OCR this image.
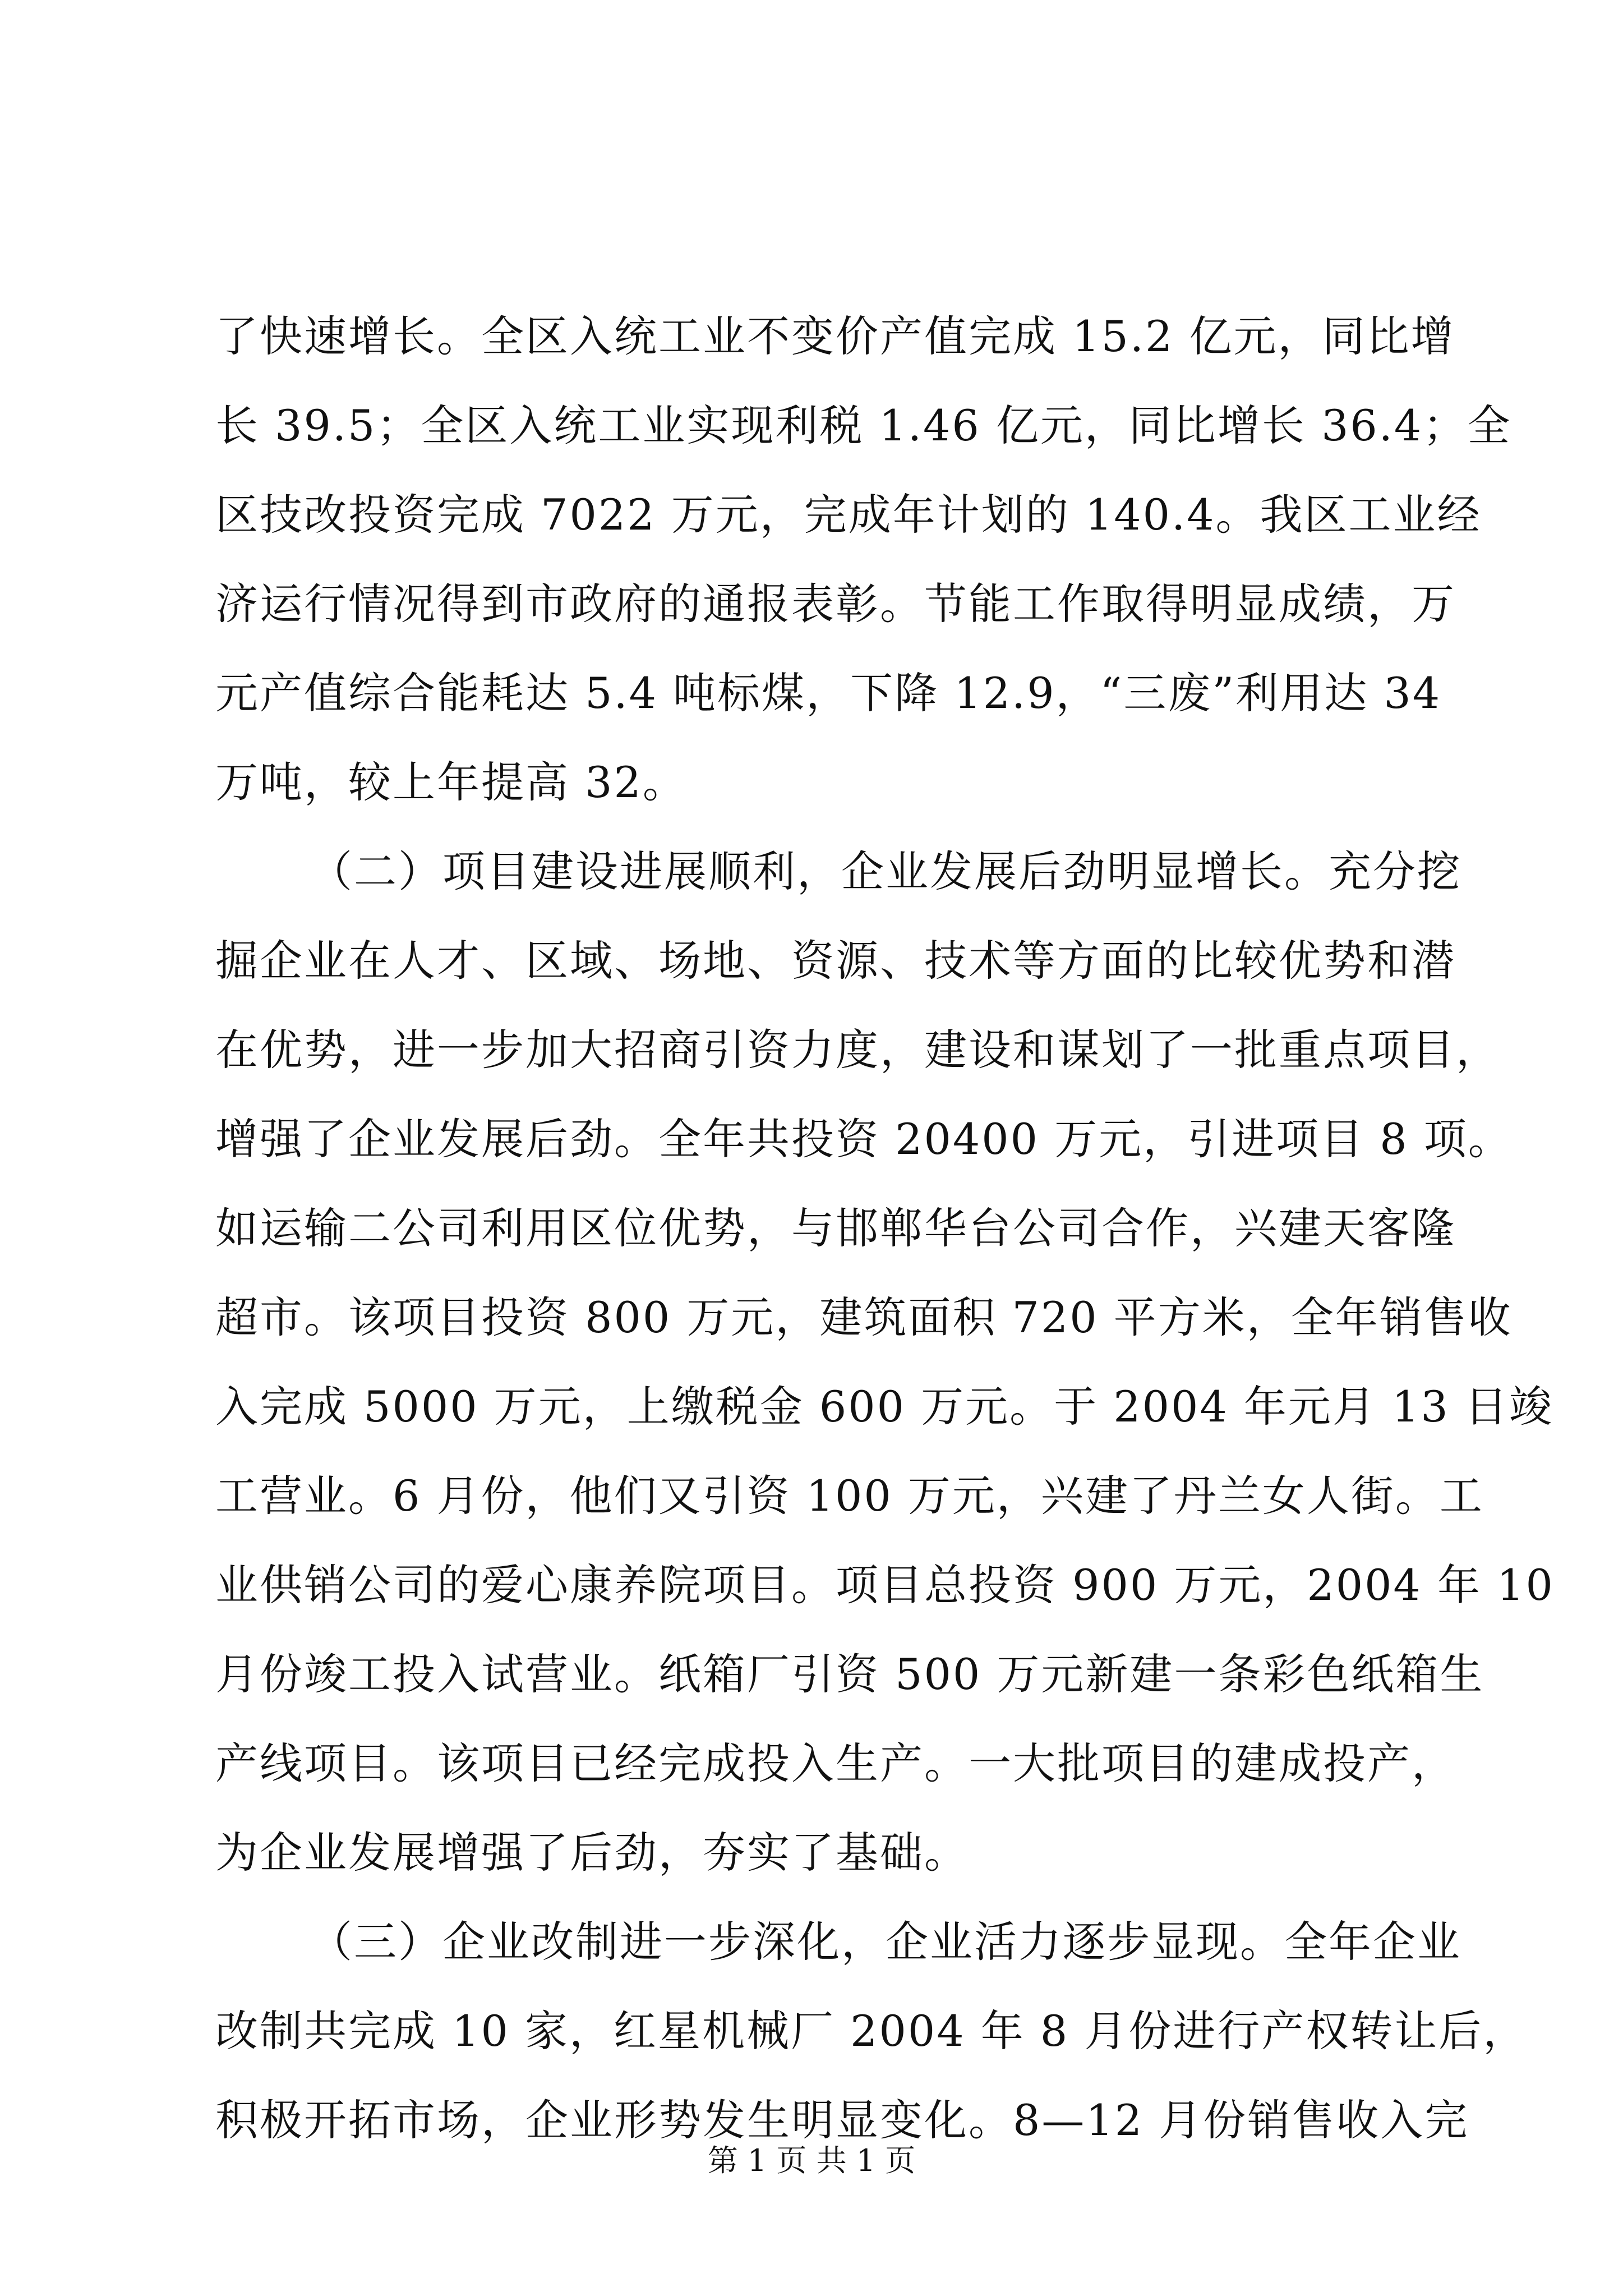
了快速增长。全区入统工业不变价产值完成 15.2 亿元，同比增
长 39.5；全区入统工业实现利税 1.46 亿元，同比增长 36.4；全
区技改投资完成 7022 万元，完成年计划的 140.4。我区工业经
济运行情况得到市政府的通报表彰。节能工作取得明显成绩，万
元产值综合能耗达 5.4 吨标煤，下降 12.9，“三废”利用达 34
万吨，较上年提高 32。
（二）项目建设进展顺利，企业发展后劲明显增长。充分挖
掘企业在人才、区域、场地、资源、技术等方面的比较优势和潜
在优势，进一步加大招商引资力度，建设和谋划了一批重点项目，
增强了企业发展后劲。全年共投资 20400 万元，引进项目 8 项。
如运输二公司利用区位优势，与邯郸华台公司合作，兴建天客隆
超市。该项目投资 800 万元，建筑面积 720 平方米，全年销售收
入完成 5000 万元，上缴税金 600 万元。于 2004 年元月 13 日竣
工营业。6 月份，他们又引资 100 万元，兴建了丹兰女人街。工
业供销公司的爱心康养院项目。项目总投资 900 万元，2004 年 10
月份竣工投入试营业。纸箱厂引资 500 万元新建一条彩色纸箱生
产线项目。该项目已经完成投入生产。一大批项目的建成投产，
为企业发展增强了后劲，夯实了基础。
（三）企业改制进一步深化，企业活力逐步显现。全年企业
改制共完成 10 家，红星机械厂 2004 年 8 月份进行产权转让后，
积极开拓市场，企业形势发生明显变化。8—12 月份销售收入完
第 1 页 共 1 页
